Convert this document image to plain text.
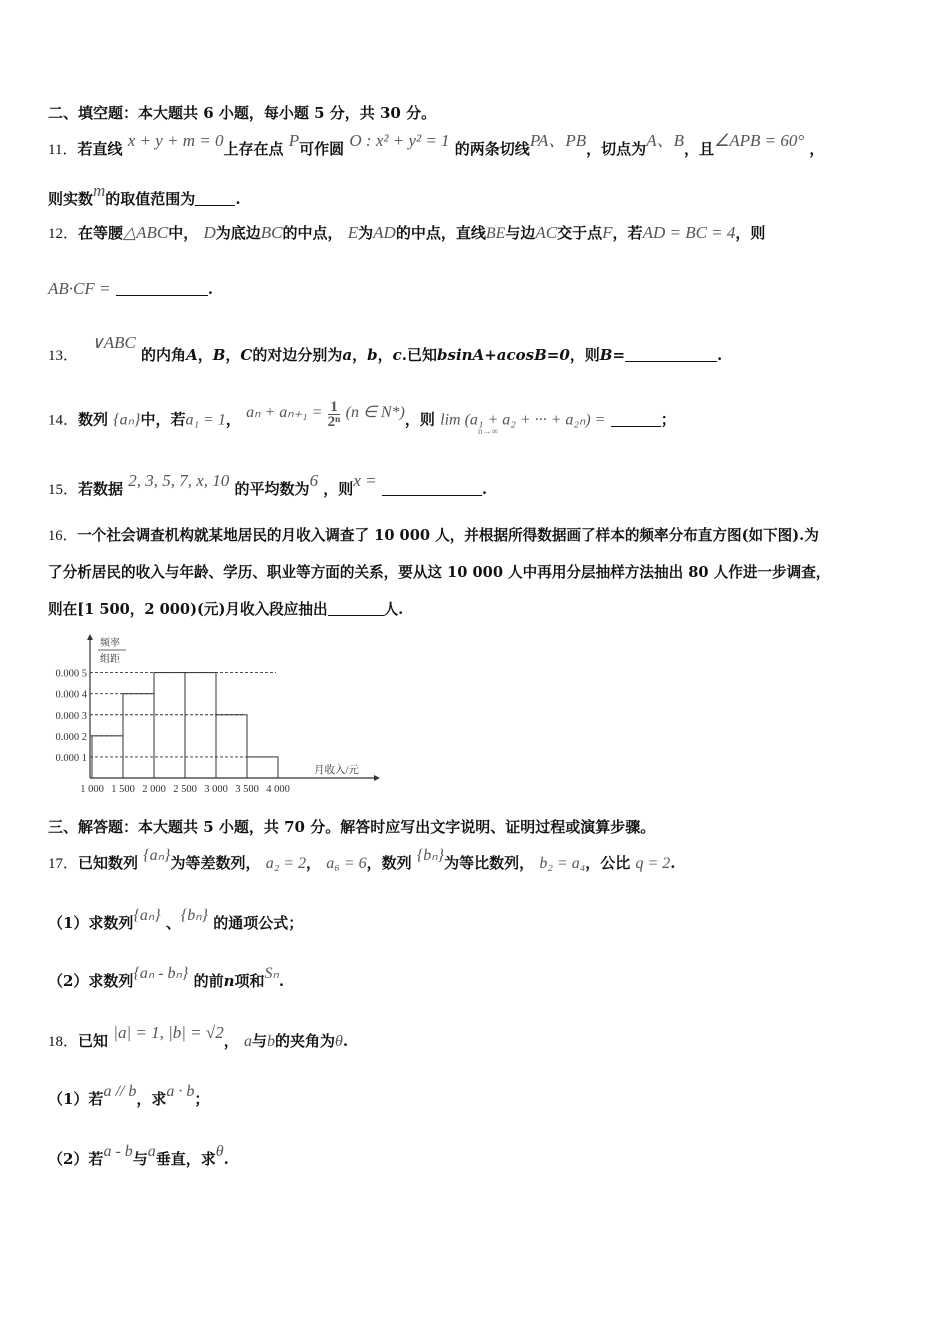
二、填空题：本大题共 6 小题，每小题 5 分，共 30 分。
11．若直线 x + y + m = 0上存在点 P可作圆 O : x² + y² = 1 的两条切线PA、PB，切点为A、B，且∠APB = 60° ，
则实数m的取值范围为	.
12．在等腰△ABC中， D为底边BC的中点， E为AD的中点，直线BE与边AC交于点F，若AD = BC = 4，则
AB·CF =	.
13． ∨ABC 的内角A，B，C的对边分别为a，b，c.已知bsinA+acosB=0，则B=	.
14．数列 {aₙ}中，若a₁ = 1， $a_n + a_{n+1} = \frac{1}{\text{2ⁿ}} (n$ ∈ N*)，则 lim (a₁ + a₂ + ··· + a₂ₙ) =	；
n→∞
15．若数据 2, 3, 5, 7, x, 10 的平均数为6 ，则x =	.
16．一个社会调查机构就某地居民的月收入调查了 10 000 人，并根据所得数据画了样本的频率分布直方图(如下图).为
了分析居民的收入与年龄、学历、职业等方面的关系，要从这 10 000 人中再用分层抽样方法抽出 80 人作进一步调查，
则在[1 500，2 000)(元)月收入段应抽出	人.
0.000 5
0.000 4
0.000 3
0.000 2
0.000 1
1 000 1 500 2 000 2 500 3 000 3 500 4 000
月收入/元
频率
组距
三、解答题：本大题共 5 小题，共 70 分。解答时应写出文字说明、证明过程或演算步骤。
17．已知数列 {aₙ}为等差数列， a₂ = 2， a₆ = 6，数列 {bₙ}为等比数列， b₂ = a₄，公比 q = 2.
（1）求数列{aₙ} 、{bₙ} 的通项公式；
（2）求数列{aₙ - bₙ} 的前n项和Sₙ.
18．已知 |a| = 1, |b| = √2， a与b的夹角为θ.
（1）若a // b，求a · b；
（2）若a - b与a垂直，求θ.
